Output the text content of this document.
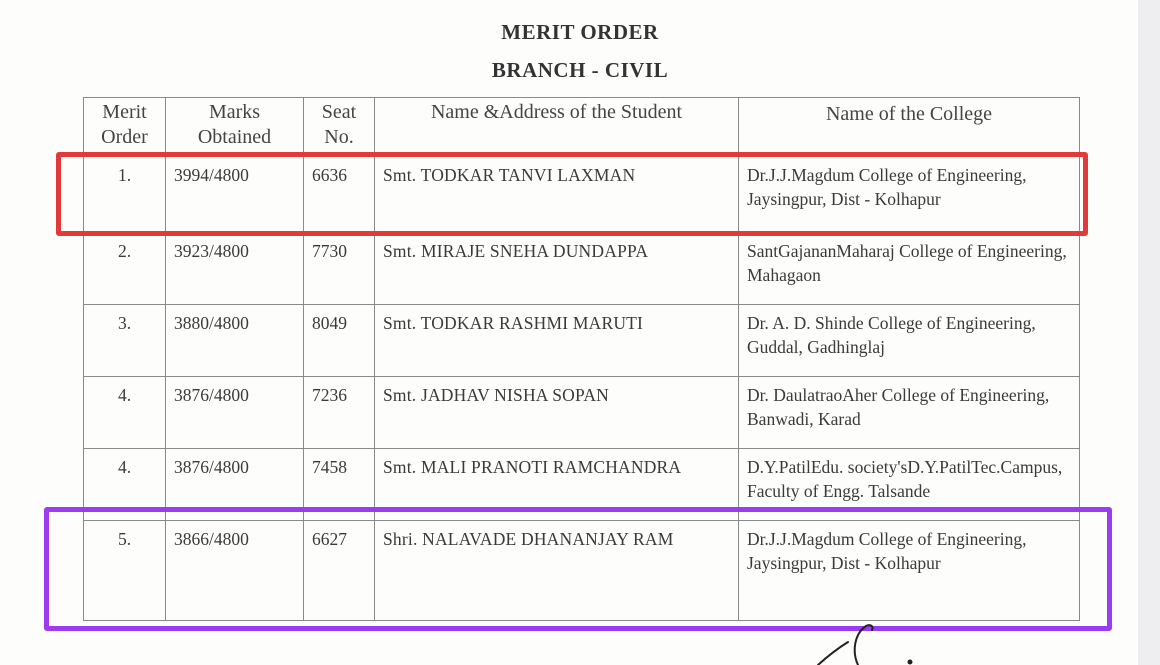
MERIT ORDER
BRANCH - CIVIL
Merit Order	Marks Obtained	Seat No.	Name &Address of the Student	Name of the College
1.	3994/4800	6636	Smt. TODKAR TANVI LAXMAN	Dr.J.J.Magdum College of Engineering, Jaysingpur, Dist - Kolhapur

2.	3923/4800	7730	Smt. MIRAJE SNEHA DUNDAPPA	SantGajananMaharaj College of Engineering, Mahagaon

3.	3880/4800	8049	Smt. TODKAR RASHMI MARUTI	Dr. A. D. Shinde College of Engineering, Guddal, Gadhinglaj

4.	3876/4800	7236	Smt. JADHAV NISHA SOPAN	Dr. DaulatraoAher College of Engineering, Banwadi, Karad

4.	3876/4800	7458	Smt. MALI PRANOTI RAMCHANDRA	D.Y.PatilEdu. society'sD.Y.PatilTec.Campus, Faculty of Engg. Talsande

5.	3866/4800	6627	Shri. NALAVADE DHANANJAY RAM	Dr.J.J.Magdum College of Engineering, Jaysingpur, Dist - Kolhapur
